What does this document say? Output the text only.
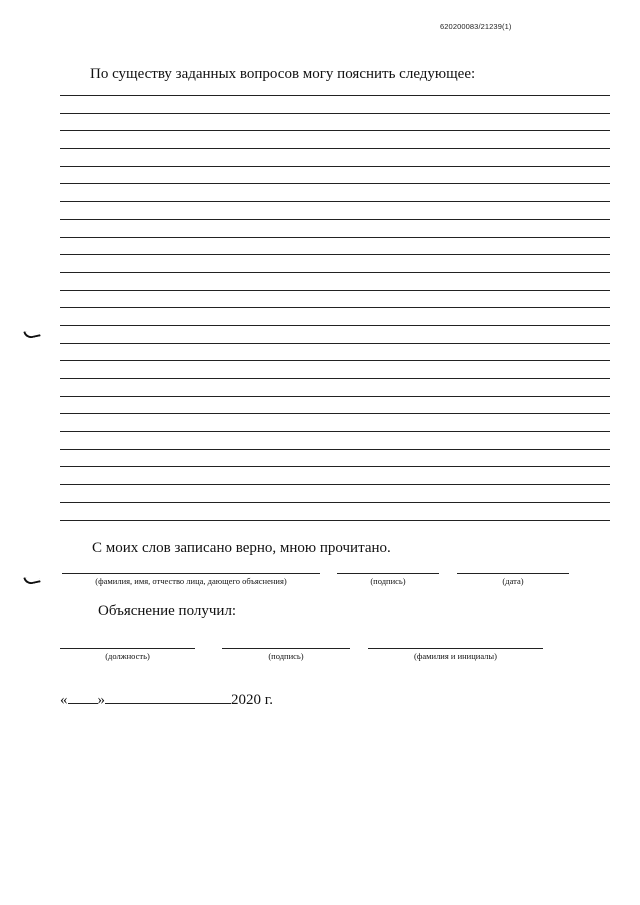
620200083/21239(1)
По существу заданных вопросов могу пояснить следующее:
С моих слов записано верно, мною прочитано.
(фамилия, имя, отчество лица, дающего объяснения)	(подпись)	(дата)
Объяснение получил:
(должность)	(подпись)	(фамилия и инициалы)
« »	2020 г.
